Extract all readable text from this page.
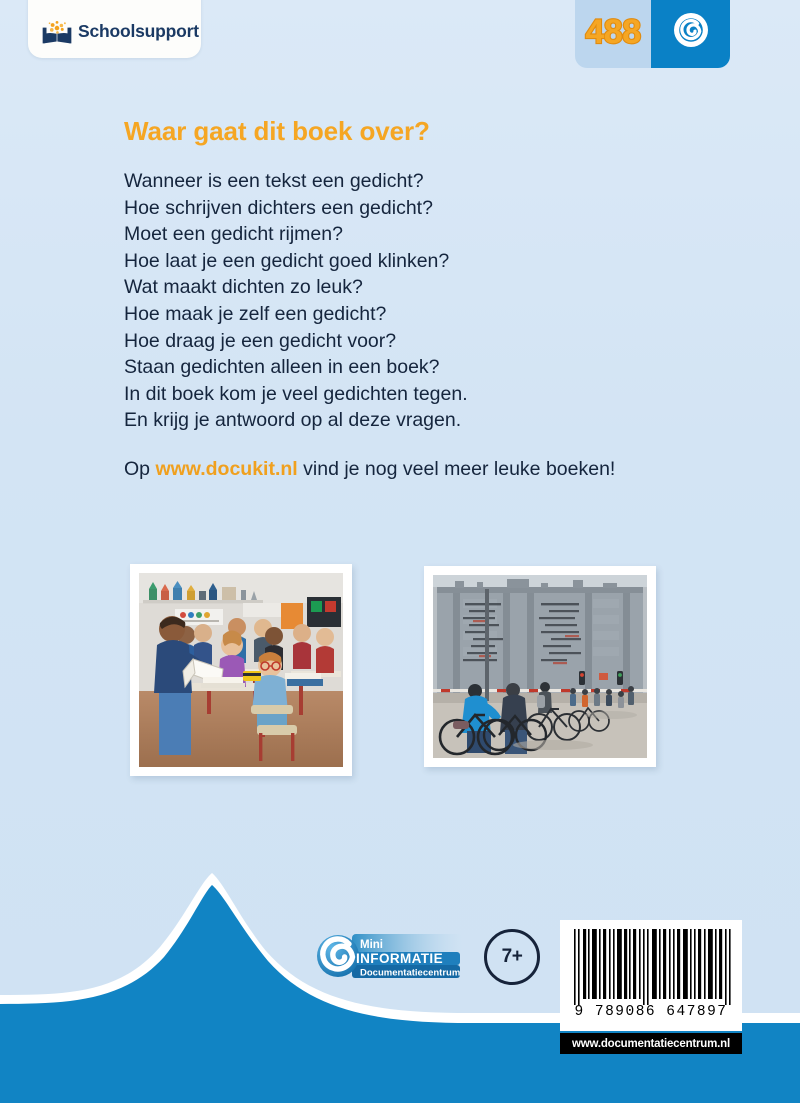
Schoolsupport	488
Waar gaat dit boek over?
Wanneer is een tekst een gedicht?
Hoe schrijven dichters een gedicht?
Moet een gedicht rijmen?
Hoe laat je een gedicht goed klinken?
Wat maakt dichten zo leuk?
Hoe maak je zelf een gedicht?
Hoe draag je een gedicht voor?
Staan gedichten alleen in een boek?
In dit boek kom je veel gedichten tegen.
En krijg je antwoord op al deze vragen.
Op www.docukit.nl vind je nog veel meer leuke boeken!
Mini
INFORMATIE
Documentatiecentrum
7+
9 789086 647897
www.documentatiecentrum.nl
